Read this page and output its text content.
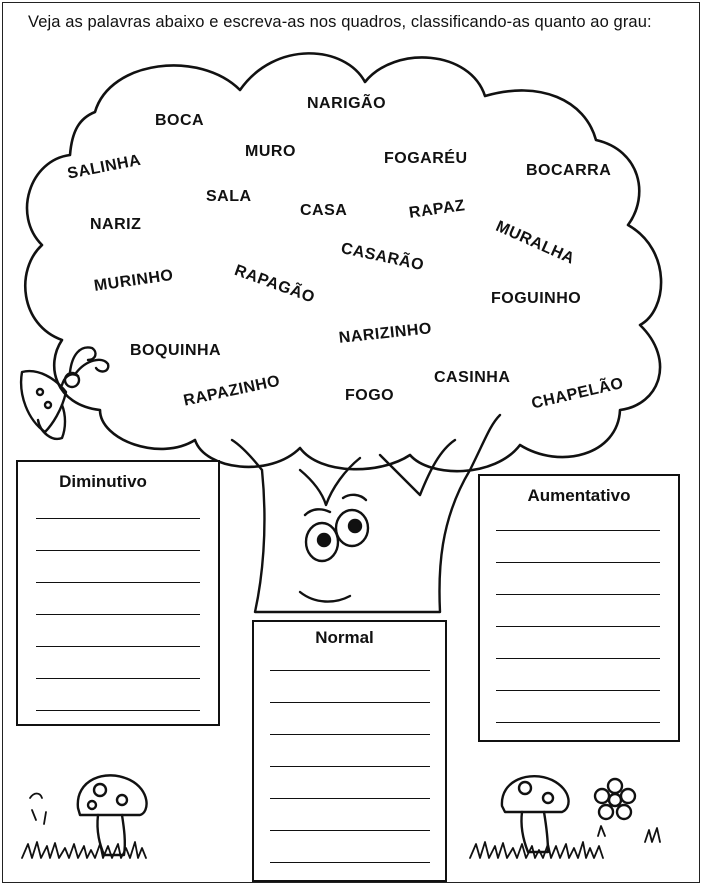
Veja as palavras abaixo e escreva-as nos quadros, classificando-as quanto ao grau:
NARIGÃO
BOCA
MURO
SALINHA	FOGARÉU
BOCARRA
SALA
CASA	RAPAZ
NARIZ	MURALHA
CASARÃO
MURINHO	RAPAGÃO	FOGUINHO
NARIZINHO
BOQUINHA
CASINHA
RAPAZINHO	FOGO	CHAPELÃO
Diminutivo
Normal
Aumentativo
